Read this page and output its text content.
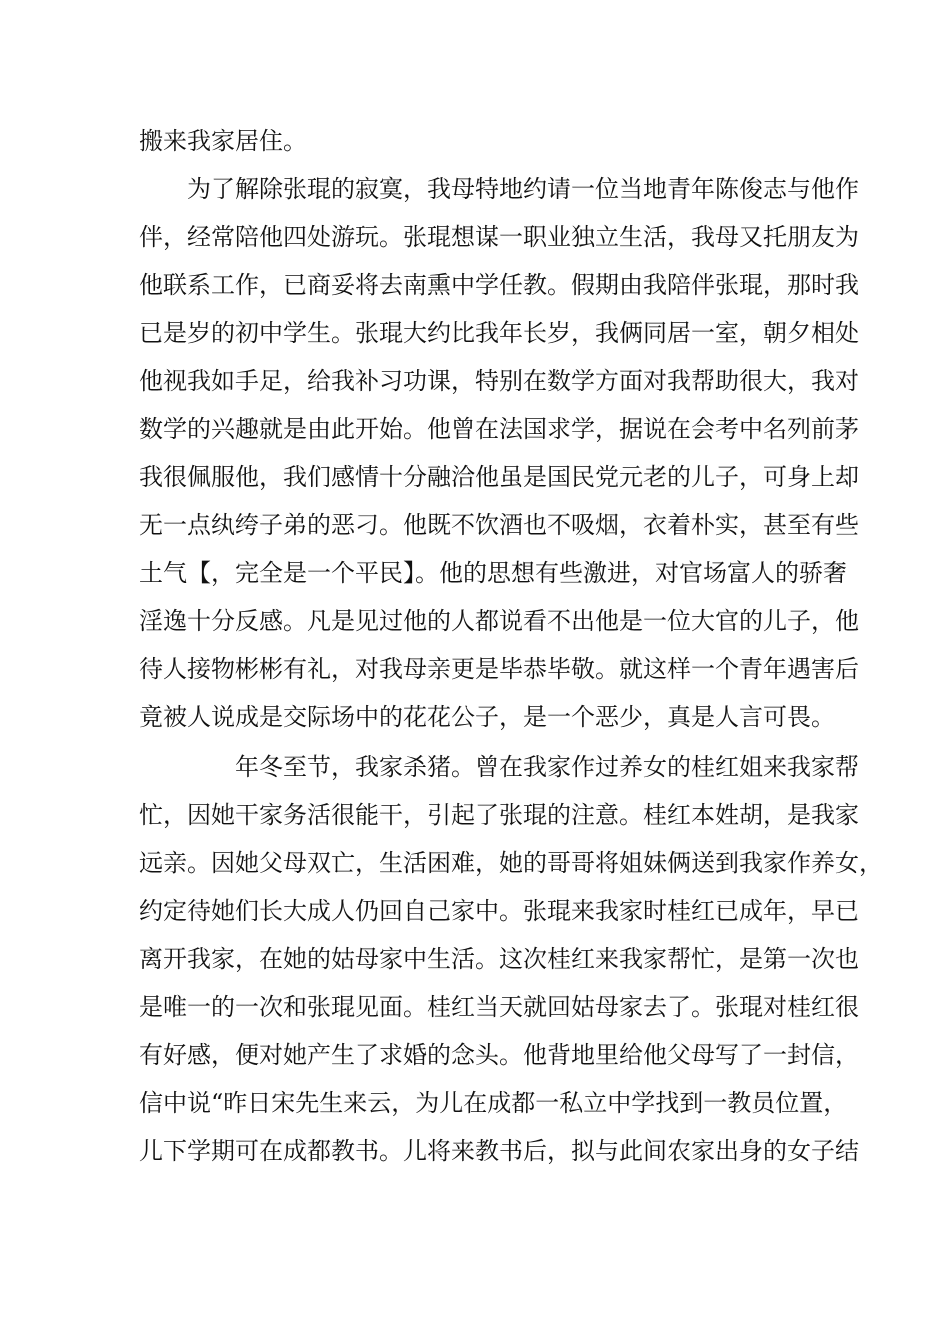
搬来我家居住。
为了解除张琨的寂寞，我母特地约请一位当地青年陈俊志与他作
伴，经常陪他四处游玩。张琨想谋一职业独立生活，我母又托朋友为
他联系工作，已商妥将去南熏中学任教。假期由我陪伴张琨，那时我
已是岁的初中学生。张琨大约比我年长岁，我俩同居一室，朝夕相处
他视我如手足，给我补习功课，特别在数学方面对我帮助很大，我对
数学的兴趣就是由此开始。他曾在法国求学，据说在会考中名列前茅
我很佩服他，我们感情十分融洽他虽是国民党元老的儿子，可身上却
无一点纨绔子弟的恶刁。他既不饮酒也不吸烟，衣着朴实，甚至有些
土气【，完全是一个平民】。他的思想有些激进，对官场富人的骄奢
淫逸十分反感。凡是见过他的人都说看不出他是一位大官的儿子，他
待人接物彬彬有礼，对我母亲更是毕恭毕敬。就这样一个青年遇害后
竟被人说成是交际场中的花花公子，是一个恶少，真是人言可畏。
年冬至节，我家杀猪。曾在我家作过养女的桂红姐来我家帮
忙，因她干家务活很能干，引起了张琨的注意。桂红本姓胡，是我家
远亲。因她父母双亡，生活困难，她的哥哥将姐妹俩送到我家作养女，
约定待她们长大成人仍回自己家中。张琨来我家时桂红已成年，早已
离开我家，在她的姑母家中生活。这次桂红来我家帮忙，是第一次也
是唯一的一次和张琨见面。桂红当天就回姑母家去了。张琨对桂红很
有好感，便对她产生了求婚的念头。他背地里给他父母写了一封信，
信中说“昨日宋先生来云，为儿在成都一私立中学找到一教员位置，
儿下学期可在成都教书。儿将来教书后，拟与此间农家出身的女子结
